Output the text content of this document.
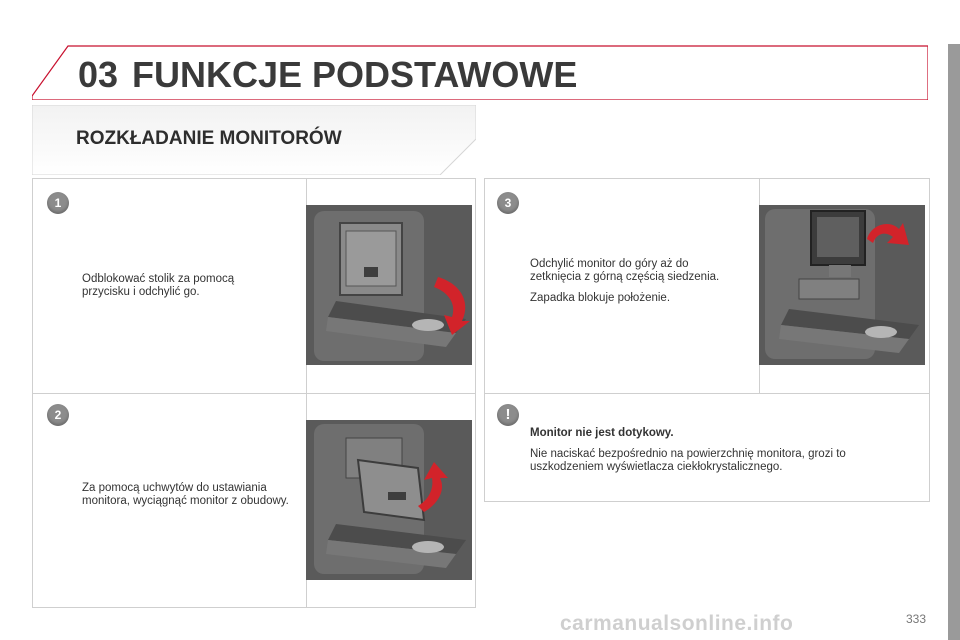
03 FUNKCJE PODSTAWOWE
ROZKŁADANIE MONITORÓW
1

Odblokować stolik za pomocą przycisku i odchylić go.

2

Za pomocą uchwytów do ustawiania monitora, wyciągnąć monitor z obudowy.

3

Odchylić monitor do góry aż do zetknięcia z górną częścią siedzenia.

Zapadka blokuje położenie.

!

Monitor nie jest dotykowy.

Nie naciskać bezpośrednio na powierzchnię monitora, grozi to uszkodzeniem wyświetlacza ciekłokrystalicznego.

carmanualsonline.info	333
